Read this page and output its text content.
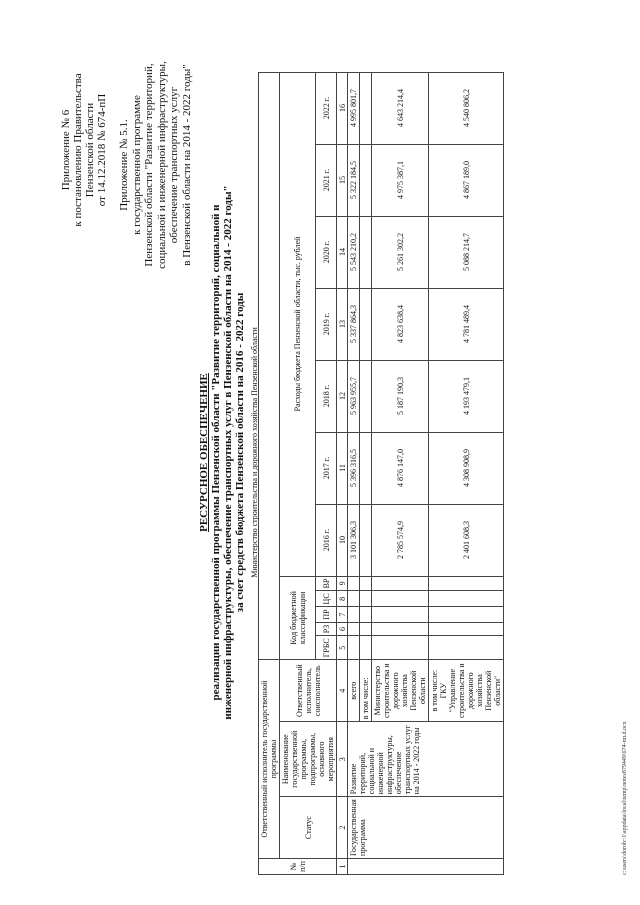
Приложение № 6 к постановлению Правительства Пензенской области от 14.12.2018 № 674-пП Приложение № 5.1. к государственной программе Пензенской области "Развитие территорий, социальной и инженерной инфраструктуры, обеспечение транспортных услуг в Пензенской области на 2014 - 2022 годы"
РЕСУРСНОЕ ОБЕСПЕЧЕНИЕ реализации государственной программы Пензенской области "Развитие территорий, социальной и инженерной инфраструктуры, обеспечение транспортных услуг в Пензенской области на 2014 - 2022 годы" за счет средств бюджета Пензенской области на 2016 - 2022 годы Министерство строительства и дорожного хозяйства Пензенской области
№ п/п	Ответственный исполнитель государственной программы														
	Статус	Наименование государственной программы, подпрограммы, основного мероприятия	Ответственный исполнитель, соисполнитель	Код бюджетной классификации					Расходы бюджета Пензенской области, тыс. рублей						
				ГРБС	РЗ	ПР	ЦС	ВР	2016 г.	2017 г.	2018 г.	2019 г.	2020 г.	2021 г.	2022 г.
1	2	3	4	5	6	7	8	9	10	11	12	13	14	15	16
	Государственная программа	Развитие территорий, социальной и инженерной инфраструктуры, обеспечение транспортных услуг на 2014 - 2022 годы	всего						3 101 306,3	5 396 316,5	5 963 955,7	5 337 864,3	5 543 210,2	5 322 184,5	4 995 801,7
			в том числе:												
			Министерство строительства и дорожного хозяйства Пензенской области						2 785 574,9	4 876 147,0	5 187 190,3	4 823 638,4	5 261 302,2	4 975 387,1	4 643 214,4
			в том числе: ГКУ "Управление строительства и дорожного хозяйства Пензенской области"						2 401 608,3	4 308 908,9	4 193 479,1	4 781 489,4	5 088 214,7	4 867 189,0	4 540 806,2
c:\users\doroh~1\appdata\local\temp\notes879449\674-пп.d.ocx
